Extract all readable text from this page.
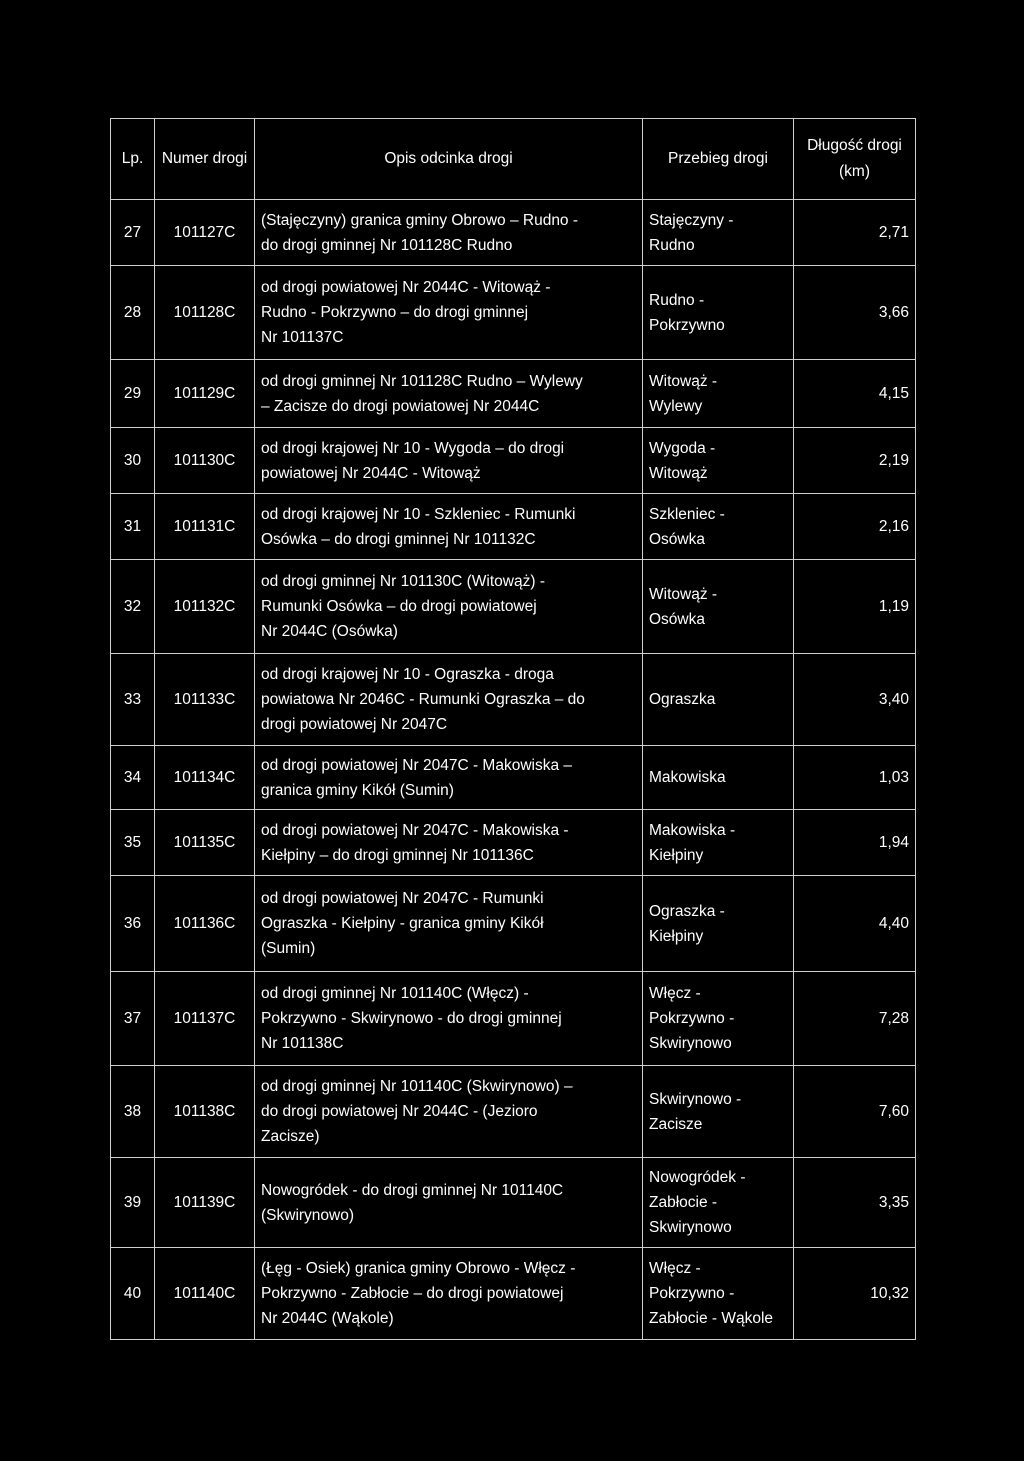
Lp.	Numer drogi	Opis odcinka drogi	Przebieg drogi	Długość drogi (km)
27	101127C	(Stajęczyny) granica gminy Obrowo – Rudno -
do drogi gminnej Nr 101128C Rudno	Stajęczyny -
Rudno	2,71
28	101128C	od drogi powiatowej Nr 2044C - Witowąż -
Rudno - Pokrzywno – do drogi gminnej
Nr 101137C	Rudno -
Pokrzywno	3,66
29	101129C	od drogi gminnej Nr 101128C Rudno – Wylewy
– Zacisze do drogi powiatowej Nr 2044C	Witowąż -
Wylewy	4,15
30	101130C	od drogi krajowej Nr 10 - Wygoda – do drogi
powiatowej Nr 2044C - Witowąż	Wygoda -
Witowąż	2,19
31	101131C	od drogi krajowej Nr 10 - Szkleniec - Rumunki
Osówka – do drogi gminnej Nr 101132C	Szkleniec -
Osówka	2,16
32	101132C	od drogi gminnej Nr 101130C (Witowąż) -
Rumunki Osówka – do drogi powiatowej
Nr 2044C (Osówka)	Witowąż -
Osówka	1,19
33	101133C	od drogi krajowej Nr 10 - Ograszka - droga
powiatowa Nr 2046C - Rumunki Ograszka – do
drogi powiatowej Nr 2047C	Ograszka	3,40
34	101134C	od drogi powiatowej Nr 2047C - Makowiska –
granica gminy Kikół (Sumin)	Makowiska	1,03
35	101135C	od drogi powiatowej Nr 2047C - Makowiska -
Kiełpiny – do drogi gminnej Nr 101136C	Makowiska -
Kiełpiny	1,94
36	101136C	od drogi powiatowej Nr 2047C - Rumunki
Ograszka - Kiełpiny - granica gminy Kikół
(Sumin)	Ograszka -
Kiełpiny	4,40
37	101137C	od drogi gminnej Nr 101140C (Włęcz) -
Pokrzywno - Skwirynowo - do drogi gminnej
Nr 101138C	Włęcz -
Pokrzywno -
Skwirynowo	7,28
38	101138C	od drogi gminnej Nr 101140C (Skwirynowo) –
do drogi powiatowej Nr 2044C - (Jezioro
Zacisze)	Skwirynowo -
Zacisze	7,60
39	101139C	Nowogródek - do drogi gminnej Nr 101140C
(Skwirynowo)	Nowogródek -
Zabłocie -
Skwirynowo	3,35
40	101140C	(Łęg - Osiek) granica gminy Obrowo - Włęcz -
Pokrzywno - Zabłocie – do drogi powiatowej
Nr 2044C (Wąkole)	Włęcz -
Pokrzywno -
Zabłocie - Wąkole	10,32
